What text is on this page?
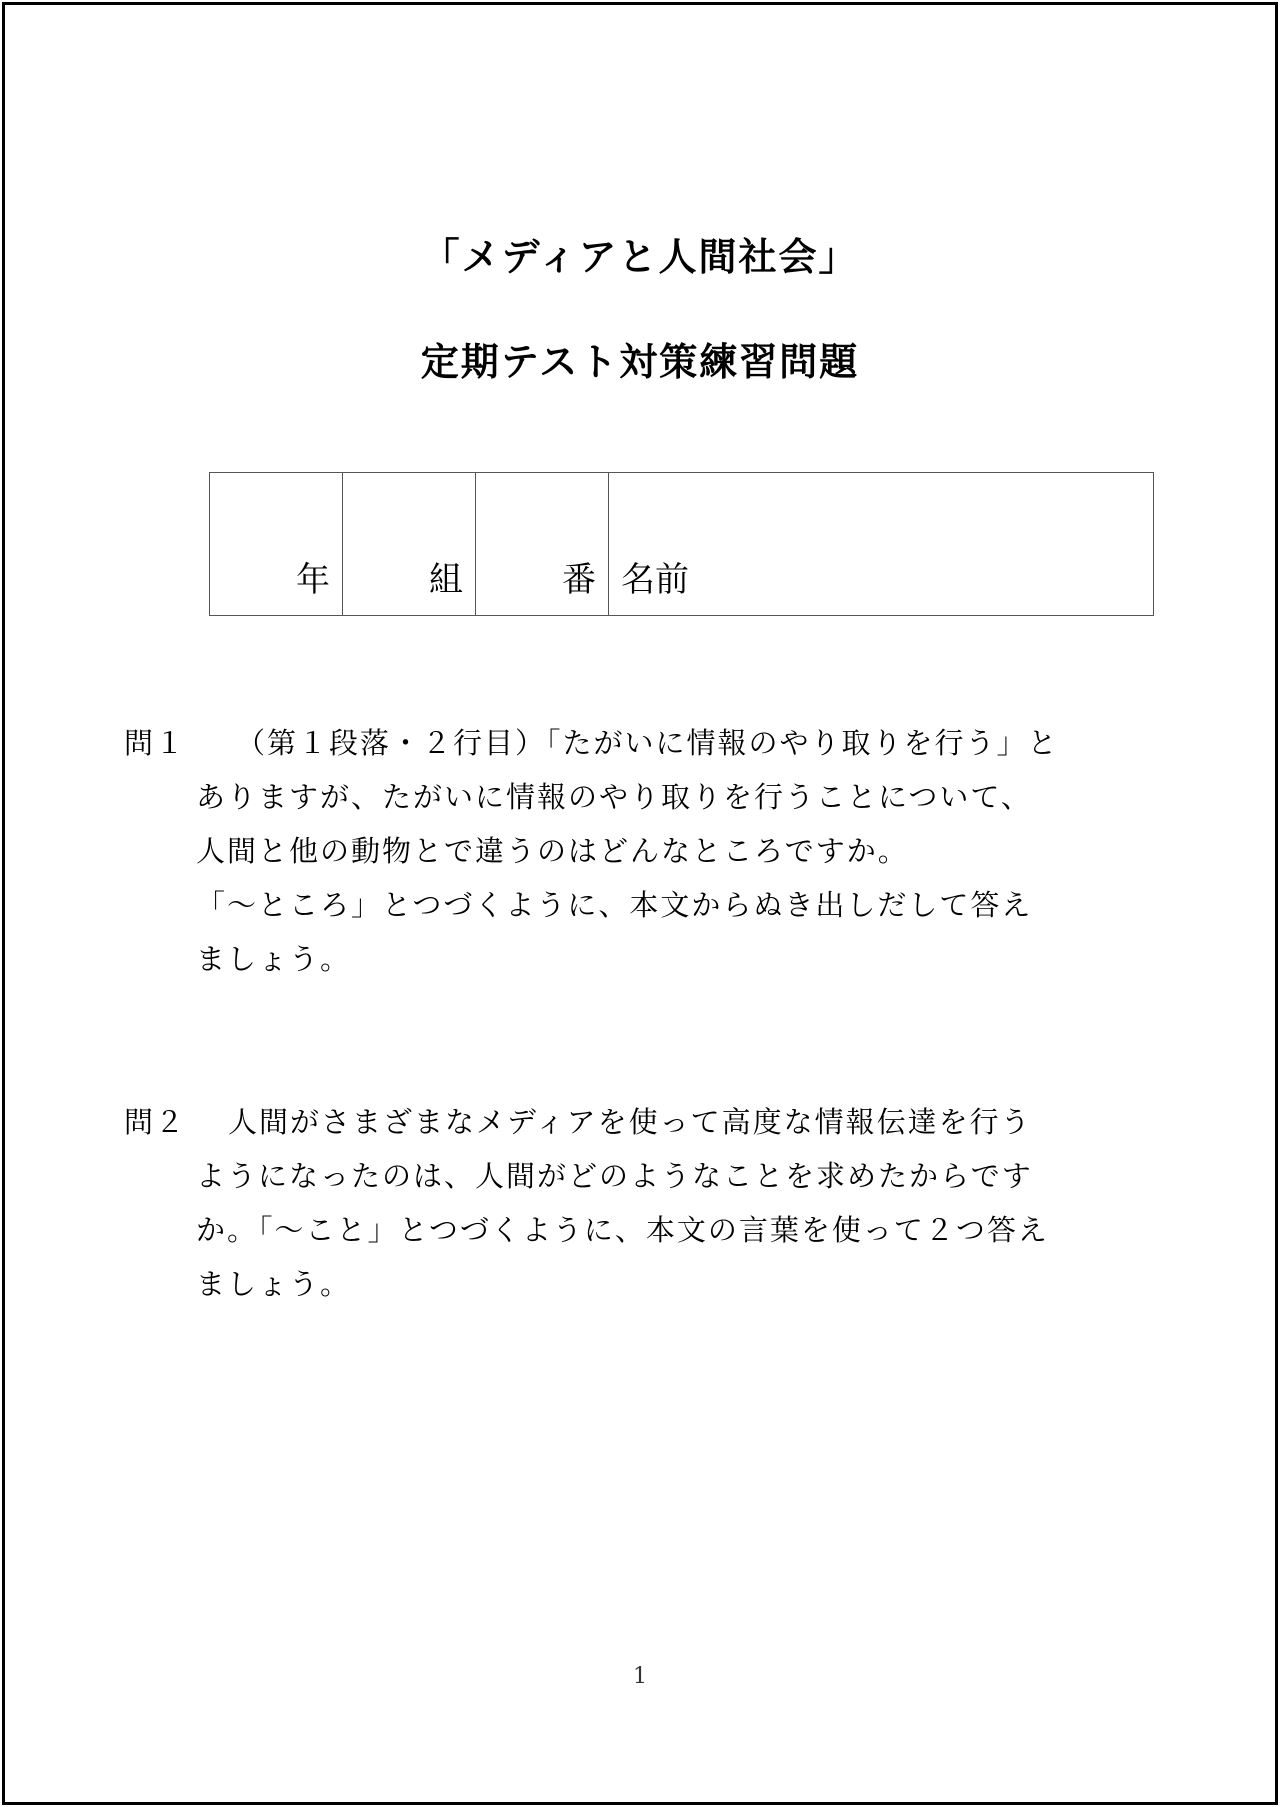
「メディアと人間社会」
定期テスト対策練習問題
年	組	番	名前
問１	（第１段落・２行目）「たがいに情報のやり取りを行う」と
ありますが、たがいに情報のやり取りを行うことについて、
人間と他の動物とで違うのはどんなところですか。
「～ところ」とつづくように、本文からぬき出しだして答え
ましょう。
問２	人間がさまざまなメディアを使って高度な情報伝達を行う
ようになったのは、人間がどのようなことを求めたからです
か。「～こと」とつづくように、本文の言葉を使って２つ答え
ましょう。
1
